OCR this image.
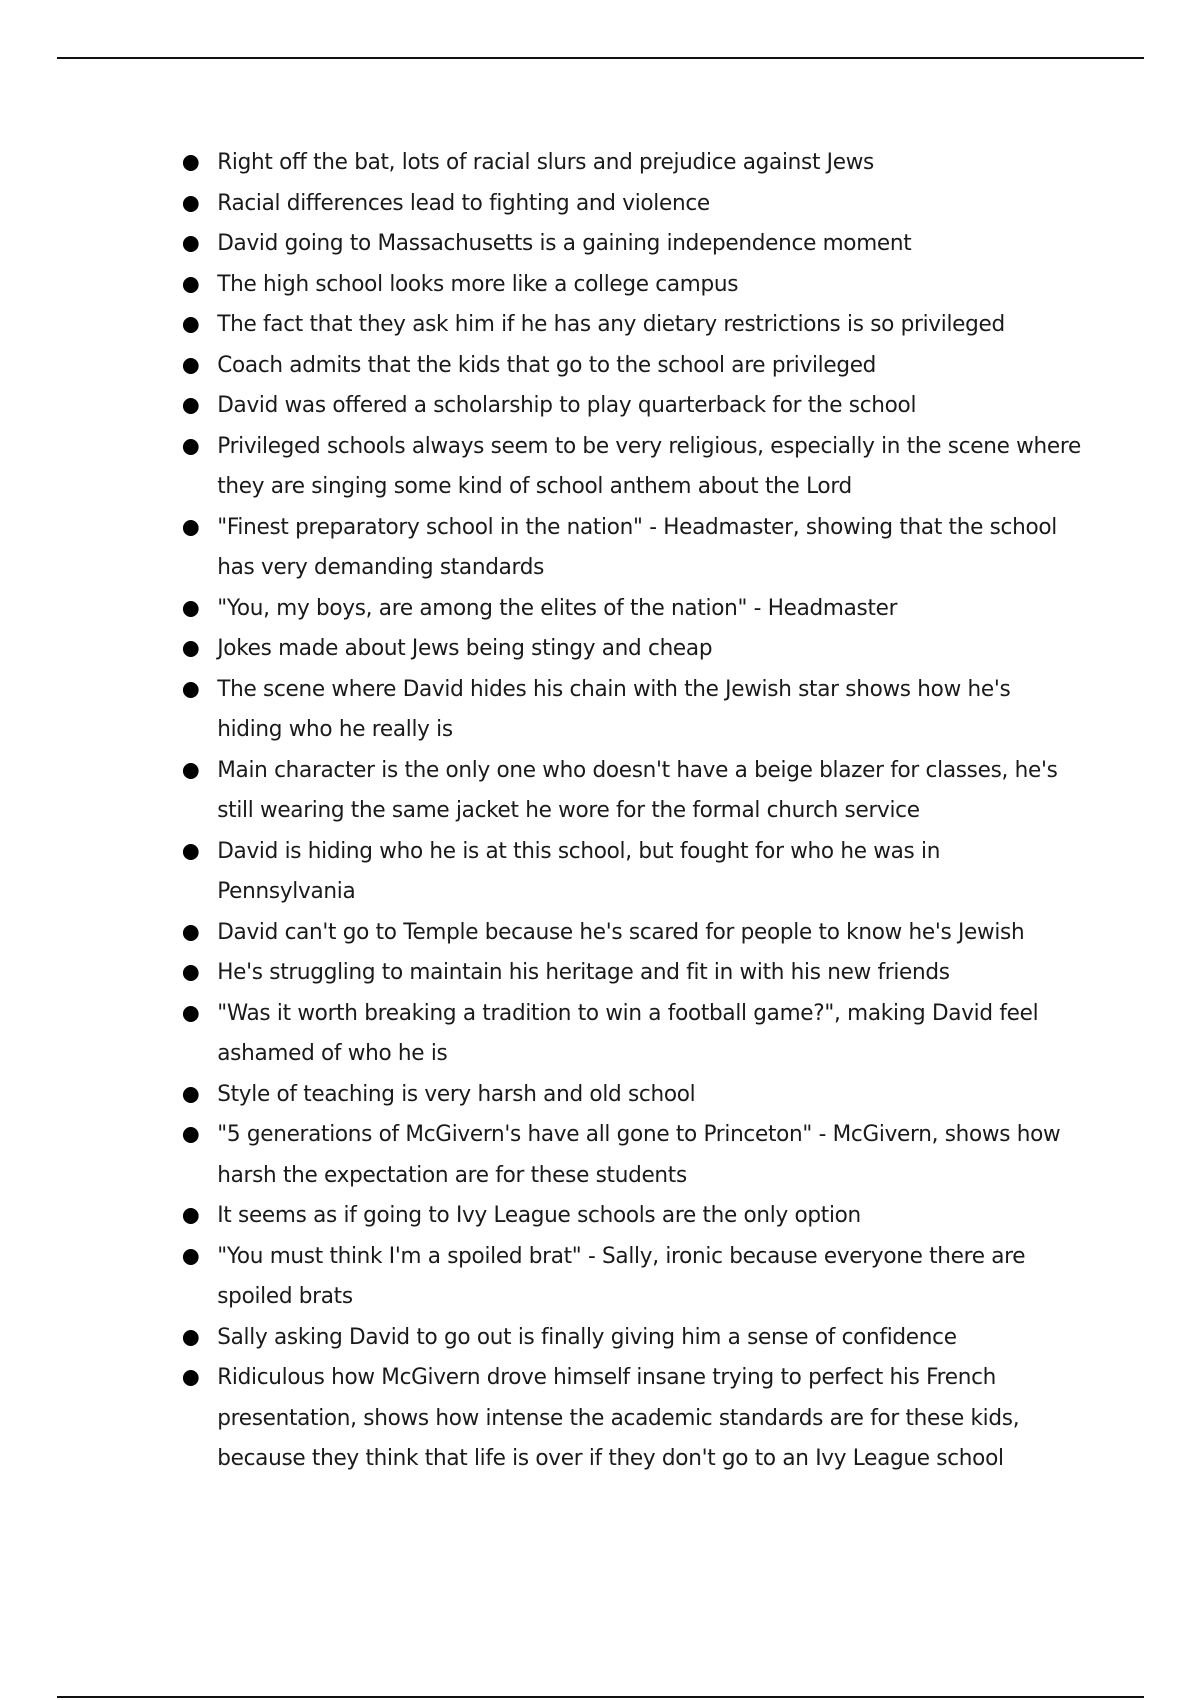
Right off the bat, lots of racial slurs and prejudice against Jews
Racial differences lead to fighting and violence
David going to Massachusetts is a gaining independence moment
The high school looks more like a college campus
The fact that they ask him if he has any dietary restrictions is so privileged
Coach admits that the kids that go to the school are privileged
David was offered a scholarship to play quarterback for the school
Privileged schools always seem to be very religious, especially in the scene where they are singing some kind of school anthem about the Lord
"Finest preparatory school in the nation" - Headmaster, showing that the school has very demanding standards
"You, my boys, are among the elites of the nation" - Headmaster
Jokes made about Jews being stingy and cheap
The scene where David hides his chain with the Jewish star shows how he's hiding who he really is
Main character is the only one who doesn't have a beige blazer for classes, he's still wearing the same jacket he wore for the formal church service
David is hiding who he is at this school, but fought for who he was in Pennsylvania
David can't go to Temple because he's scared for people to know he's Jewish
He's struggling to maintain his heritage and fit in with his new friends
"Was it worth breaking a tradition to win a football game?", making David feel ashamed of who he is
Style of teaching is very harsh and old school
"5 generations of McGivern's have all gone to Princeton" - McGivern, shows how harsh the expectation are for these students
It seems as if going to Ivy League schools are the only option
"You must think I'm a spoiled brat" - Sally, ironic because everyone there are spoiled brats
Sally asking David to go out is finally giving him a sense of confidence
Ridiculous how McGivern drove himself insane trying to perfect his French presentation, shows how intense the academic standards are for these kids, because they think that life is over if they don't go to an Ivy League school
